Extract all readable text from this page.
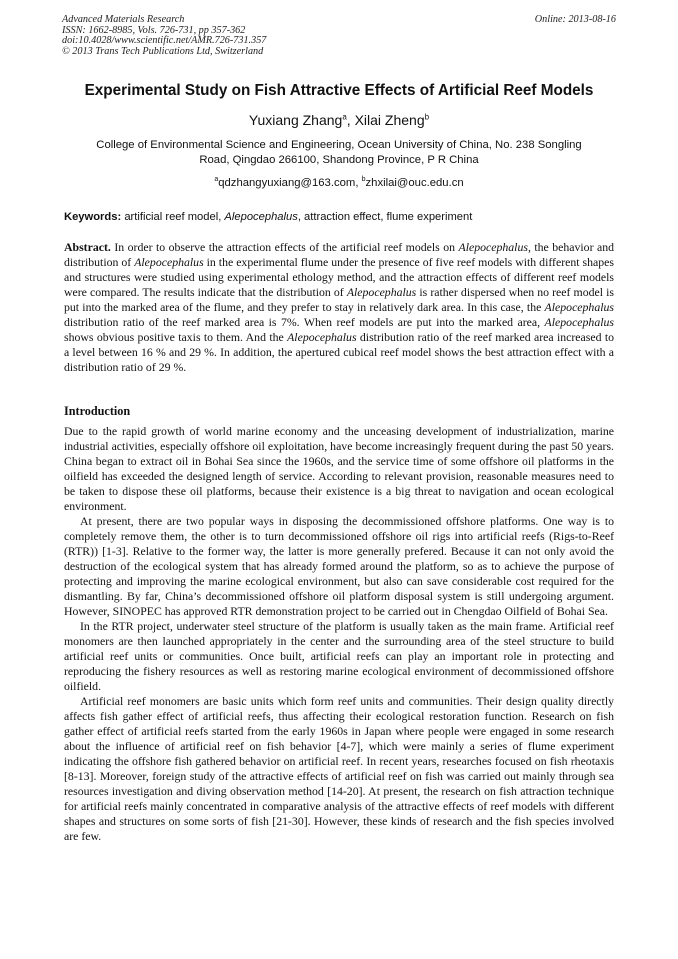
Advanced Materials Research
ISSN: 1662-8985, Vols. 726-731, pp 357-362
doi:10.4028/www.scientific.net/AMR.726-731.357
© 2013 Trans Tech Publications Ltd, Switzerland
Online: 2013-08-16
Experimental Study on Fish Attractive Effects of Artificial Reef Models
Yuxiang Zhang$^a$, Xilai Zheng$^b$
College of Environmental Science and Engineering, Ocean University of China, No. 238 Songling
Road, Qingdao 266100, Shandong Province, P R China
$^a$qdzhangyuxiang@163.com, $^b$zhxilai@ouc.edu.cn
Keywords: artificial reef model, Alepocephalus, attraction effect, flume experiment
Abstract. In order to observe the attraction effects of the artificial reef models on Alepocephalus, the behavior and distribution of Alepocephalus in the experimental flume under the presence of five reef models with different shapes and structures were studied using experimental ethology method, and the attraction effects of different reef models were compared. The results indicate that the distribution of Alepocephalus is rather dispersed when no reef model is put into the marked area of the flume, and they prefer to stay in relatively dark area. In this case, the Alepocephalus distribution ratio of the reef marked area is 7%. When reef models are put into the marked area, Alepocephalus shows obvious positive taxis to them. And the Alepocephalus distribution ratio of the reef marked area increased to a level between 16 % and 29 %. In addition, the apertured cubical reef model shows the best attraction effect with a distribution ratio of 29 %.
Introduction

Due to the rapid growth of world marine economy and the unceasing development of industrialization, marine industrial activities, especially offshore oil exploitation, have become increasingly frequent during the past 50 years. China began to extract oil in Bohai Sea since the 1960s, and the service time of some offshore oil platforms in the oilfield has exceeded the designed length of service. According to relevant provision, reasonable measures need to be taken to dispose these oil platforms, because their existence is a big threat to navigation and ocean ecological environment.

At present, there are two popular ways in disposing the decommissioned offshore platforms. One way is to completely remove them, the other is to turn decommissioned offshore oil rigs into artificial reefs (Rigs-to-Reef (RTR)) [1-3]. Relative to the former way, the latter is more generally prefered. Because it can not only avoid the destruction of the ecological system that has already formed around the platform, so as to achieve the purpose of protecting and improving the marine ecological environment, but also can save considerable cost required for the dismantling. By far, China’s decommissioned offshore oil platform disposal system is still undergoing argument. However, SINOPEC has approved RTR demonstration project to be carried out in Chengdao Oilfield of Bohai Sea.

In the RTR project, underwater steel structure of the platform is usually taken as the main frame. Artificial reef monomers are then launched appropriately in the center and the surrounding area of the steel structure to build artificial reef units or communities. Once built, artificial reefs can play an important role in protecting and reproducing the fishery resources as well as restoring marine ecological environment of decommissioned offshore oilfield.

Artificial reef monomers are basic units which form reef units and communities. Their design quality directly affects fish gather effect of artificial reefs, thus affecting their ecological restoration function. Research on fish gather effect of artificial reefs started from the early 1960s in Japan where people were engaged in some research about the influence of artificial reef on fish behavior [4-7], which were mainly a series of flume experiment indicating the offshore fish gathered behavior on artificial reef. In recent years, researches focused on fish rheotaxis [8-13]. Moreover, foreign study of the attractive effects of artificial reef on fish was carried out mainly through sea resources investigation and diving observation method [14-20]. At present, the research on fish attraction technique for artificial reefs mainly concentrated in comparative analysis of the attractive effects of reef models with different shapes and structures on some sorts of fish [21-30]. However, these kinds of research and the fish species involved are few.
